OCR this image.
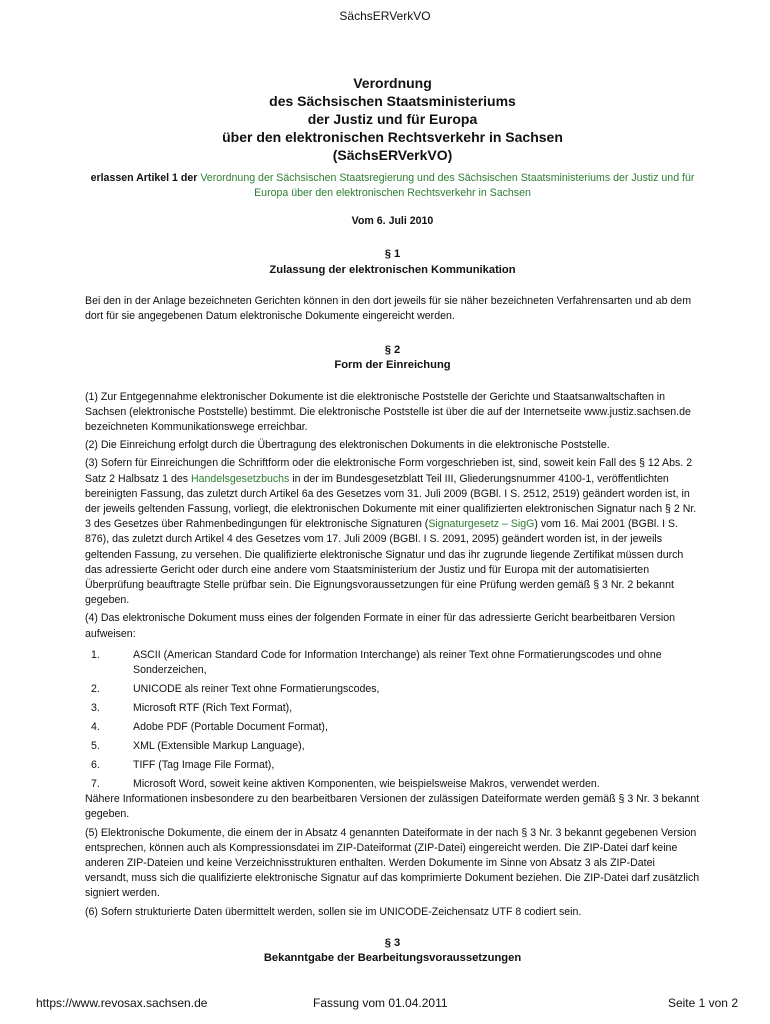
SächsERVerkVO
Verordnung
des Sächsischen Staatsministeriums
der Justiz und für Europa
über den elektronischen Rechtsverkehr in Sachsen
(SächsERVerkVO)
erlassen Artikel 1 der Verordnung der Sächsischen Staatsregierung und des Sächsischen Staatsministeriums der Justiz und für Europa über den elektronischen Rechtsverkehr in Sachsen
Vom 6. Juli 2010
§ 1
Zulassung der elektronischen Kommunikation

Bei den in der Anlage bezeichneten Gerichten können in den dort jeweils für sie näher bezeichneten Verfahrensarten und ab dem dort für sie angegebenen Datum elektronische Dokumente eingereicht werden.

§ 2
Form der Einreichung

(1) Zur Entgegennahme elektronischer Dokumente ist die elektronische Poststelle der Gerichte und Staatsanwaltschaften in Sachsen (elektronische Poststelle) bestimmt. Die elektronische Poststelle ist über die auf der Internetseite www.justiz.sachsen.de bezeichneten Kommunikationswege erreichbar.

(2) Die Einreichung erfolgt durch die Übertragung des elektronischen Dokuments in die elektronische Poststelle.

(3) Sofern für Einreichungen die Schriftform oder die elektronische Form vorgeschrieben ist, sind, soweit kein Fall des § 12 Abs. 2 Satz 2 Halbsatz 1 des Handelsgesetzbuchs in der im Bundesgesetzblatt Teil III, Gliederungsnummer 4100-1, veröffentlichten bereinigten Fassung, das zuletzt durch Artikel 6a des Gesetzes vom 31. Juli 2009 (BGBl. I S. 2512, 2519) geändert worden ist, in der jeweils geltenden Fassung, vorliegt, die elektronischen Dokumente mit einer qualifizierten elektronischen Signatur nach § 2 Nr. 3 des Gesetzes über Rahmenbedingungen für elektronische Signaturen (Signaturgesetz – SigG) vom 16. Mai 2001 (BGBl. I S. 876), das zuletzt durch Artikel 4 des Gesetzes vom 17. Juli 2009 (BGBl. I S. 2091, 2095) geändert worden ist, in der jeweils geltenden Fassung, zu versehen. Die qualifizierte elektronische Signatur und das ihr zugrunde liegende Zertifikat müssen durch das adressierte Gericht oder durch eine andere vom Staatsministerium der Justiz und für Europa mit der automatisierten Überprüfung beauftragte Stelle prüfbar sein. Die Eignungsvoraussetzungen für eine Prüfung werden gemäß § 3 Nr. 2 bekannt gegeben.

(4) Das elektronische Dokument muss eines der folgenden Formate in einer für das adressierte Gericht bearbeitbaren Version aufweisen:

1.	ASCII (American Standard Code for Information Interchange) als reiner Text ohne Formatierungscodes und ohne Sonderzeichen,
2.	UNICODE als reiner Text ohne Formatierungscodes,
3.	Microsoft RTF (Rich Text Format),
4.	Adobe PDF (Portable Document Format),
5.	XML (Extensible Markup Language),
6.	TIFF (Tag Image File Format),
7.	Microsoft Word, soweit keine aktiven Komponenten, wie beispielsweise Makros, verwendet werden.

Nähere Informationen insbesondere zu den bearbeitbaren Versionen der zulässigen Dateiformate werden gemäß § 3 Nr. 3 bekannt gegeben.

(5) Elektronische Dokumente, die einem der in Absatz 4 genannten Dateiformate in der nach § 3 Nr. 3 bekannt gegebenen Version entsprechen, können auch als Kompressionsdatei im ZIP-Dateiformat (ZIP-Datei) eingereicht werden. Die ZIP-Datei darf keine anderen ZIP-Dateien und keine Verzeichnisstrukturen enthalten. Werden Dokumente im Sinne von Absatz 3 als ZIP-Datei versandt, muss sich die qualifizierte elektronische Signatur auf das komprimierte Dokument beziehen. Die ZIP-Datei darf zusätzlich signiert werden.

(6) Sofern strukturierte Daten übermittelt werden, sollen sie im UNICODE-Zeichensatz UTF 8 codiert sein.

§ 3
Bekanntgabe der Bearbeitungsvoraussetzungen
https://www.revosax.sachsen.de	Fassung vom 01.04.2011	Seite 1 von 2
